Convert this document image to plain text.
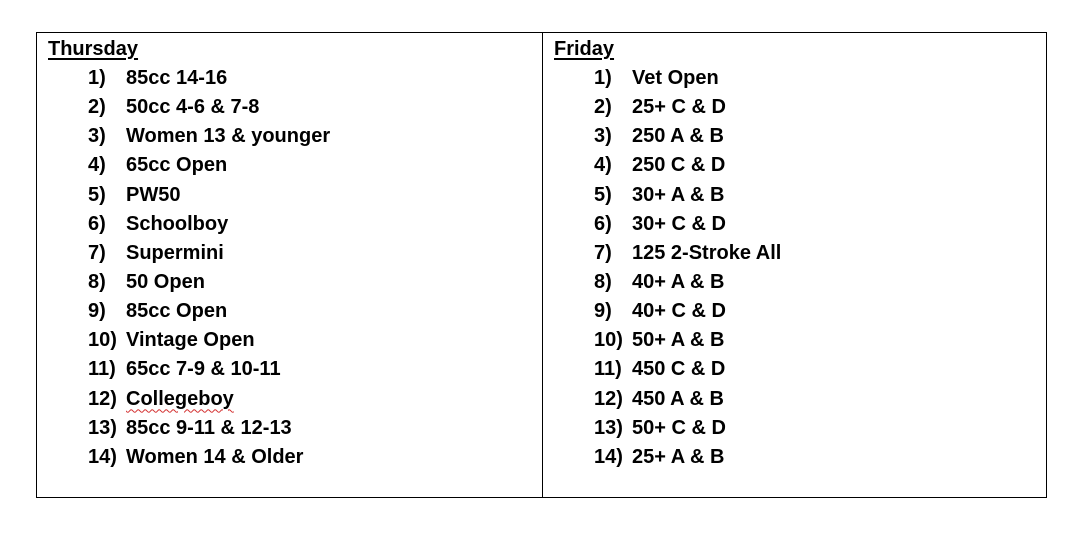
Thursday
1)	85cc 14-16
2)	50cc 4-6 & 7-8
3)	Women 13 & younger
4)	65cc Open
5)	PW50
6)	Schoolboy
7)	Supermini
8)	50 Open
9)	85cc Open
10) Vintage Open
11) 65cc 7-9 & 10-11
12) Collegeboy
13) 85cc 9-11 & 12-13
14) Women 14 & Older
Friday
1)	Vet Open
2)	25+ C & D
3)	250 A & B
4)	250 C & D
5)	30+ A & B
6)	30+ C & D
7)	125 2-Stroke All
8)	40+ A & B
9)	40+ C & D
10) 50+ A & B
11) 450 C & D
12) 450 A & B
13) 50+ C & D
14) 25+ A & B
